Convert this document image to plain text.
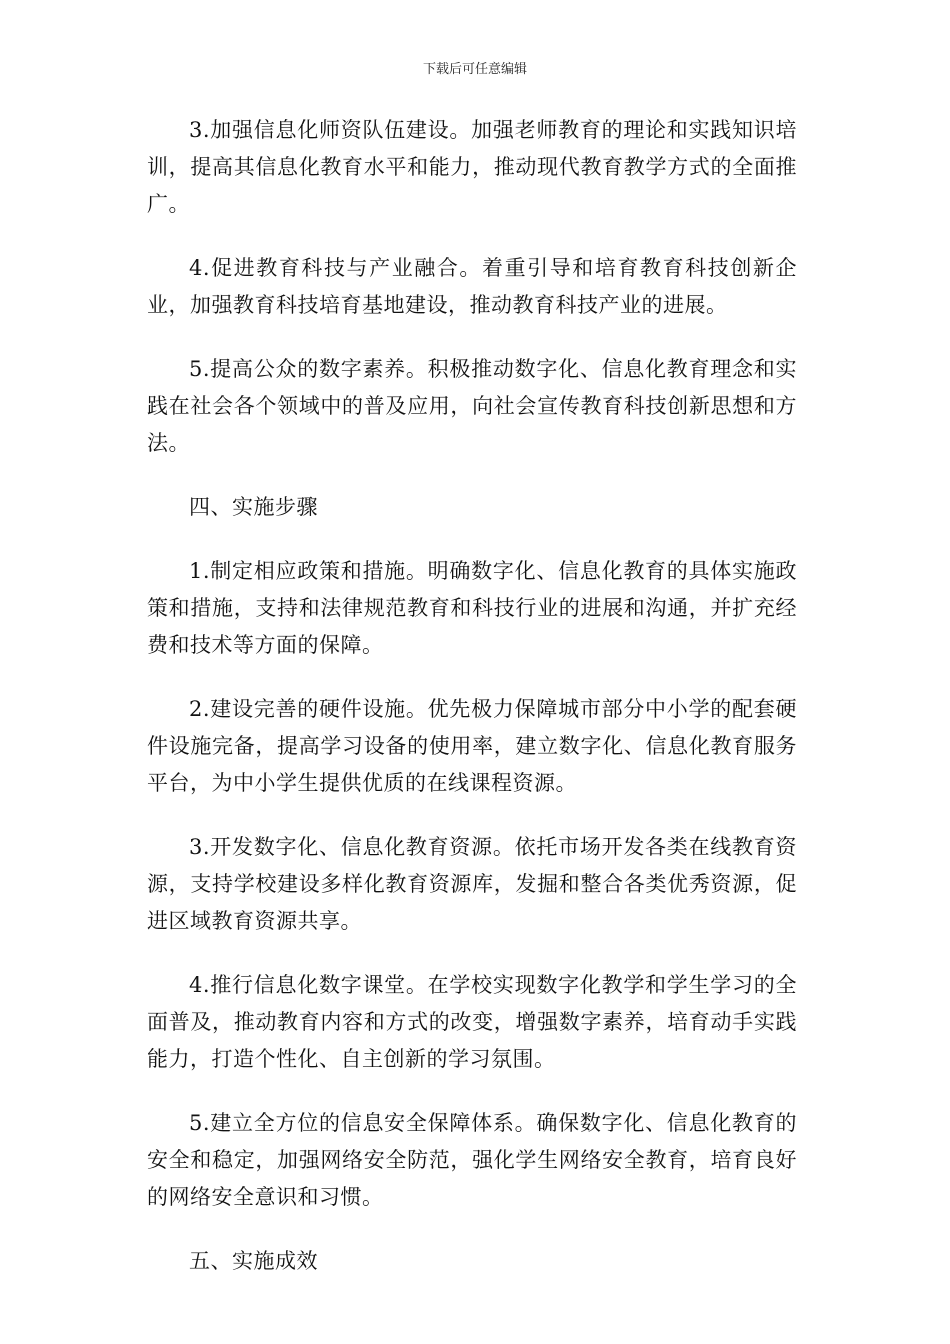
下载后可任意编辑

3.加强信息化师资队伍建设。加强老师教育的理论和实践知识培训，提高其信息化教育水平和能力，推动现代教育教学方式的全面推广。

4.促进教育科技与产业融合。着重引导和培育教育科技创新企业，加强教育科技培育基地建设，推动教育科技产业的进展。

5.提高公众的数字素养。积极推动数字化、信息化教育理念和实践在社会各个领域中的普及应用，向社会宣传教育科技创新思想和方法。

四、实施步骤

1.制定相应政策和措施。明确数字化、信息化教育的具体实施政策和措施，支持和法律规范教育和科技行业的进展和沟通，并扩充经费和技术等方面的保障。

2.建设完善的硬件设施。优先极力保障城市部分中小学的配套硬件设施完备，提高学习设备的使用率，建立数字化、信息化教育服务平台，为中小学生提供优质的在线课程资源。

3.开发数字化、信息化教育资源。依托市场开发各类在线教育资源，支持学校建设多样化教育资源库，发掘和整合各类优秀资源，促进区域教育资源共享。

4.推行信息化数字课堂。在学校实现数字化教学和学生学习的全面普及，推动教育内容和方式的改变，增强数字素养，培育动手实践能力，打造个性化、自主创新的学习氛围。

5.建立全方位的信息安全保障体系。确保数字化、信息化教育的安全和稳定，加强网络安全防范，强化学生网络安全教育，培育良好的网络安全意识和习惯。

五、实施成效
